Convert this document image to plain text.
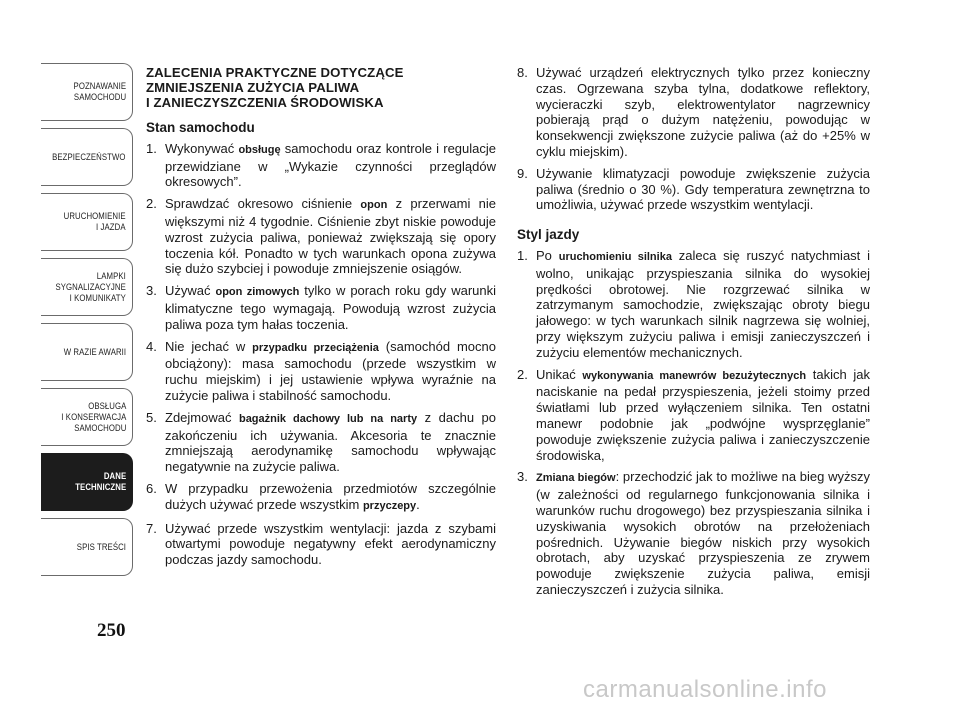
POZNAWANIE
SAMOCHODU
BEZPIECZEŃSTWO
URUCHOMIENIE
I JAZDA
LAMPKI
SYGNALIZACYJNE
I KOMUNIKATY
W RAZIE AWARII
OBSŁUGA
I KONSERWACJA
SAMOCHODU
DANE
TECHNICZNE
SPIS TREŚCI
250
ZALECENIA PRAKTYCZNE DOTYCZĄCE
ZMNIEJSZENIA ZUŻYCIA PALIWA
I ZANIECZYSZCZENIA ŚRODOWISKA
Stan samochodu
1. Wykonywać obsługę samochodu oraz kontrole i regulacje przewidziane w „Wykazie czynności przeglądów okresowych”.
2. Sprawdzać okresowo ciśnienie opon z przerwami nie większymi niż 4 tygodnie. Ciśnienie zbyt niskie powoduje wzrost zużycia paliwa, ponieważ zwiększają się opory toczenia kół. Ponadto w tych warunkach opona zużywa się dużo szybciej i powoduje zmniejszenie osiągów.
3. Używać opon zimowych tylko w porach roku gdy warunki klimatyczne tego wymagają. Powodują wzrost zużycia paliwa poza tym hałas toczenia.
4. Nie jechać w przypadku przeciążenia (samochód mocno obciążony): masa samochodu (przede wszystkim w ruchu miejskim) i jej ustawienie wpływa wyraźnie na zużycie paliwa i stabilność samochodu.
5. Zdejmować bagażnik dachowy lub na narty z dachu po zakończeniu ich używania. Akcesoria te znacznie zmniejszają aerodynamikę samochodu wpływając negatywnie na zużycie paliwa.
6. W przypadku przewożenia przedmiotów szczególnie dużych używać przede wszystkim przyczepy.
7. Używać przede wszystkim wentylacji: jazda z szybami otwartymi powoduje negatywny efekt aerodynamiczny podczas jazdy samochodu.
8. Używać urządzeń elektrycznych tylko przez konieczny czas. Ogrzewana szyba tylna, dodatkowe reflektory, wycieraczki szyb, elektrowentylator nagrzewnicy pobierają prąd o dużym natężeniu, powodując w konsekwencji zwiększone zużycie paliwa (aż do +25% w cyklu miejskim).
9. Używanie klimatyzacji powoduje zwiększenie zużycia paliwa (średnio o 30 %). Gdy temperatura zewnętrzna to umożliwia, używać przede wszystkim wentylacji.
Styl jazdy
1. Po uruchomieniu silnika zaleca się ruszyć natychmiast i wolno, unikając przyspieszania silnika do wysokiej prędkości obrotowej. Nie rozgrzewać silnika w zatrzymanym samochodzie, zwiększając obroty biegu jałowego: w tych warunkach silnik nagrzewa się wolniej, przy większym zużyciu paliwa i emisji zanieczyszczeń i zużyciu elementów mechanicznych.
2. Unikać wykonywania manewrów bezużytecznych takich jak naciskanie na pedał przyspieszenia, jeżeli stoimy przed światłami lub przed wyłączeniem silnika. Ten ostatni manewr podobnie jak „podwójne wysprzęglanie” powoduje zwiększenie zużycia paliwa i zanieczyszczenie środowiska,
3. Zmiana biegów: przechodzić jak to możliwe na bieg wyższy (w zależności od regularnego funkcjonowania silnika i warunków ruchu drogowego) bez przyspieszania silnika i uzyskiwania wysokich obrotów na przełożeniach pośrednich. Używanie biegów niskich przy wysokich obrotach, aby uzyskać przyspieszenia ze zrywem powoduje zwiększenie zużycia paliwa, emisji zanieczyszczeń i zużycia silnika.
carmanualsonline.info
